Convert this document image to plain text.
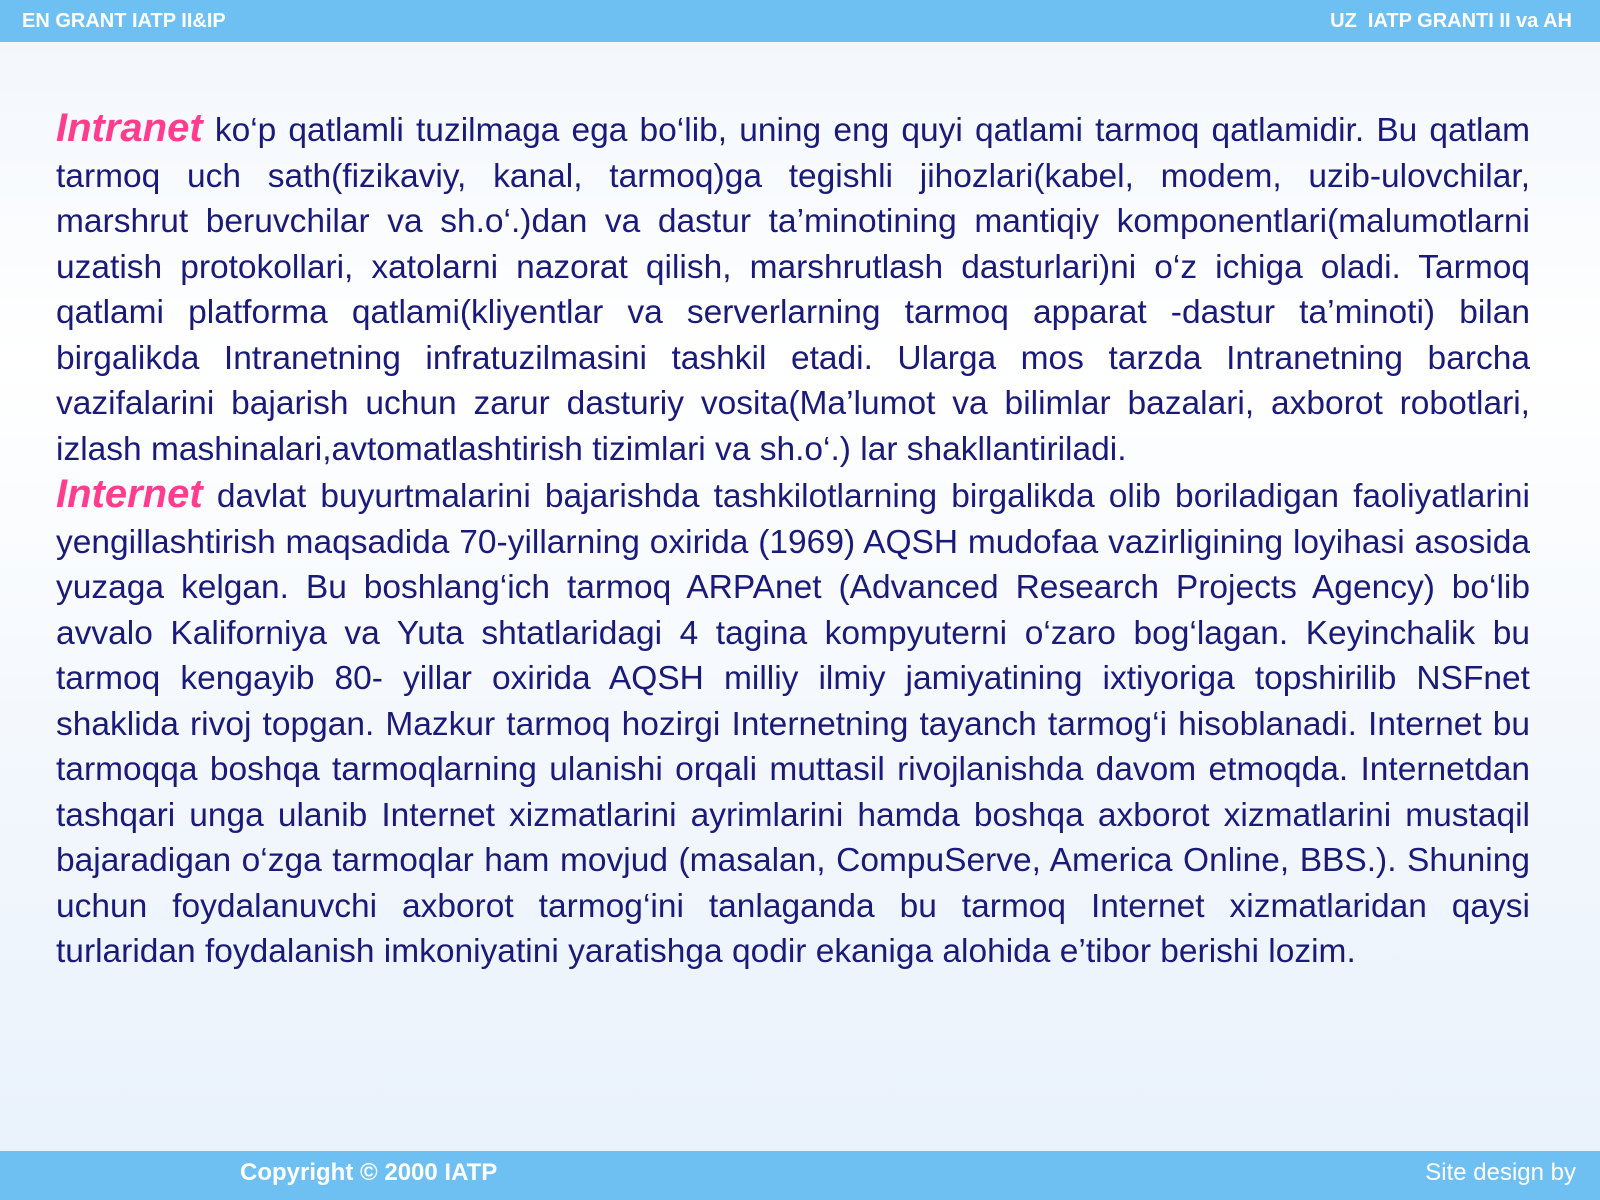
EN GRANT IATP II&IP	UZ  IATP GRANTI II va AH

Intranet ko‘p qatlamli tuzilmaga ega bo‘lib, uning eng quyi qatlami tarmoq qatlamidir. Bu qatlam tarmoq uch sath(fizikaviy, kanal, tarmoq)ga tegishli jihozlari(kabel, modem, uzib-ulovchilar, marshrut beruvchilar va sh.o‘.)dan va dastur ta’minotining mantiqiy komponentlari(malumotlarni uzatish protokollari, xatolarni nazorat qilish, marshrutlash dasturlari)ni o‘z ichiga oladi. Tarmoq qatlami platforma qatlami(kliyentlar va serverlarning tarmoq apparat -dastur ta’minoti) bilan birgalikda Intranetning infratuzilmasini tashkil etadi. Ularga mos tarzda Intranetning barcha vazifalarini bajarish uchun zarur dasturiy vosita(Ma’lumot va bilimlar bazalari, axborot robotlari, izlash mashinalari,avtomatlashtirish tizimlari va sh.o‘.) lar shakllantiriladi.

Internet davlat buyurtmalarini bajarishda tashkilotlarning birgalikda olib boriladigan faoliyatlarini yengillashtirish maqsadida 70-yillarning oxirida (1969) AQSH mudofaa vazirligining loyihasi asosida yuzaga kelgan. Bu boshlang‘ich tarmoq ARPAnet (Advanced Research Projects Agency) bo‘lib avvalo Kaliforniya va Yuta shtatlaridagi 4 tagina kompyuterni o‘zaro bog‘lagan. Keyinchalik bu tarmoq kengayib 80- yillar oxirida AQSH milliy ilmiy jamiyatining ixtiyoriga topshirilib NSFnet shaklida rivoj topgan. Mazkur tarmoq hozirgi Internetning tayanch tarmog‘i hisoblanadi. Internet bu tarmoqqa boshqa tarmoqlarning ulanishi orqali muttasil rivojlanishda davom etmoqda. Internetdan tashqari unga ulanib Internet xizmatlarini ayrimlarini hamda boshqa axborot xizmatlarini mustaqil bajaradigan o‘zga tarmoqlar ham movjud (masalan, CompuServe, America Online, BBS.). Shuning uchun foydalanuvchi axborot tarmog‘ini tanlaganda bu tarmoq Internet xizmatlaridan qaysi turlaridan foydalanish imkoniyatini yaratishga qodir ekaniga alohida e’tibor berishi lozim.

Copyright © 2000 IATP	Site design by
